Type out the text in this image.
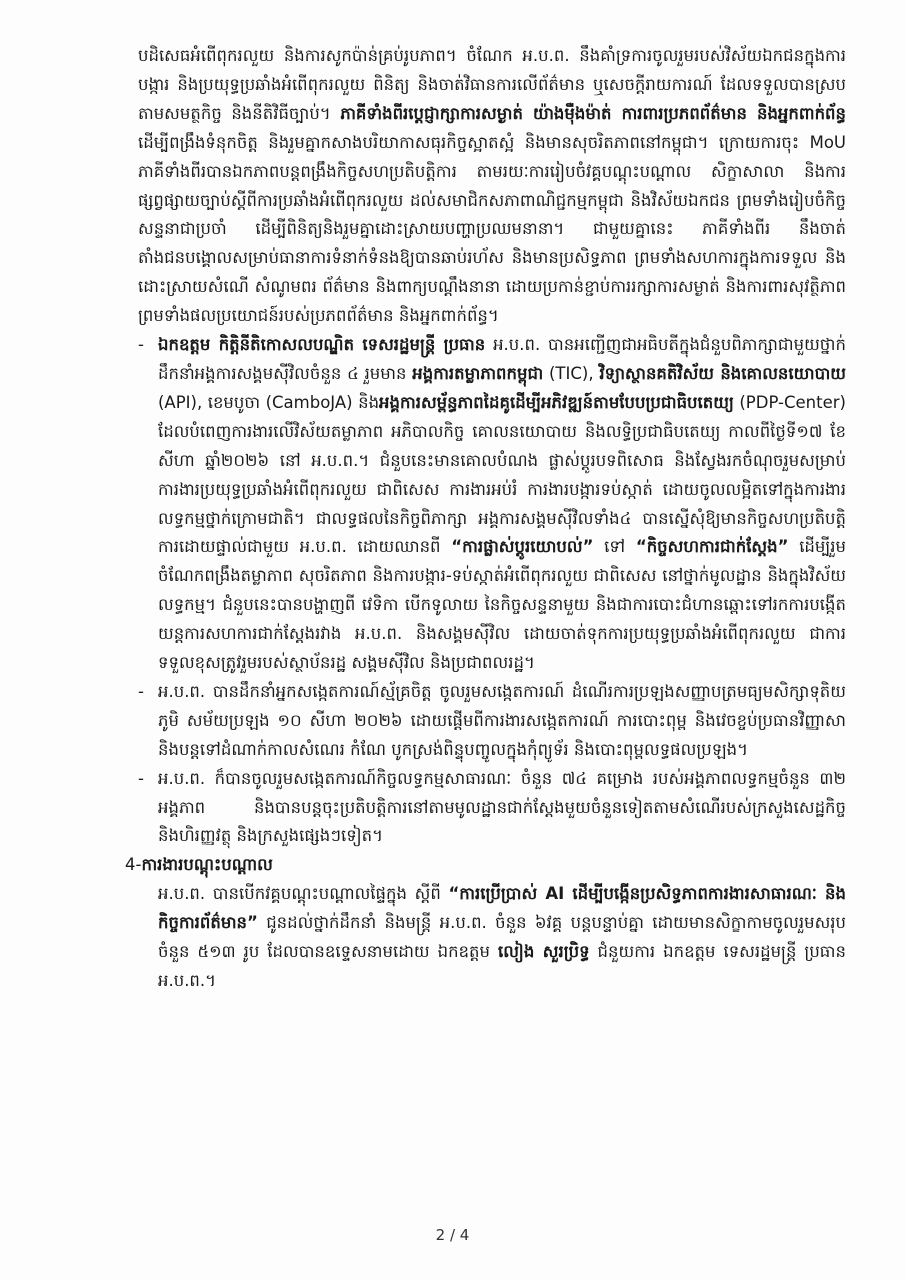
បដិសេធអំពើពុករលួយ និងការសូកប៉ាន់គ្រប់រូបភាព។ ចំណែក អ.ប.ព. នឹងគាំទ្រការចូលរួមរបស់វិស័យឯកជនក្នុងការបង្ការ និងប្រយុទ្ធប្រឆាំងអំពើពុករលួយ ពិនិត្យ និងចាត់វិធានការលើព័ត៌មាន ឬសេចក្តីរាយការណ៍ ដែលទទួលបានស្របតាមសមត្ថកិច្ច និងនីតិវិធីច្បាប់។ ភាគីទាំងពីរប្តេជ្ញាក្សាការសម្ងាត់ យ៉ាងម៉ឺងម៉ាត់ ការពារប្រភពព័ត៌មាន និងអ្នកពាក់ព័ន្ធ ដើម្បីពង្រឹងទំនុកចិត្ត និងរួមគ្នាកសាងបរិយាកាសធុរកិច្ចស្អាតស្អំ និងមានសុចរិតភាពនៅកម្ពុជា។ ក្រោយការចុះ MoU ភាគីទាំងពីរបានឯកភាពបន្តពង្រឹងកិច្ចសហប្រតិបត្តិការ តាមរយៈការរៀបចំវគ្គបណ្តុះបណ្តាល សិក្ខាសាលា និងការផ្សព្វផ្សាយច្បាប់ស្តីពីការប្រឆាំងអំពើពុករលួយ ដល់សមាជិកសភាពាណិជ្ជកម្មកម្ពុជា និងវិស័យឯកជន ព្រមទាំងរៀបចំកិច្ចសន្ទនាជាប្រចាំ ដើម្បីពិនិត្យនិងរួមគ្នាដោះស្រាយបញ្ហាប្រឈមនានា។ ជាមួយគ្នានេះ ភាគីទាំងពីរ នឹងចាត់តាំងជនបង្គោលសម្រាប់ធានាការទំនាក់ទំនងឱ្យបានឆាប់រហ័ស និងមានប្រសិទ្ធភាព ព្រមទាំងសហការក្នុងការទទួល និងដោះស្រាយសំណើ សំណូមពរ ព័ត៌មាន និងពាក្យបណ្តឹងនានា ដោយប្រកាន់ខ្ជាប់ការរក្សាការសម្ងាត់ និងការពារសុវត្ថិភាព ព្រមទាំងផលប្រយោជន៍របស់ប្រភពព័ត៌មាន និងអ្នកពាក់ព័ន្ធ។

- ឯកឧត្តម កិត្តិនីតិកោសលបណ្ឌិត ទេសរដ្ឋមន្ត្រី ប្រធាន អ.ប.ព. បានអញ្ជើញជាអធិបតីក្នុងជំនួបពិភាក្សាជាមួយថ្នាក់ដឹកនាំអង្គការសង្គមស៊ីវិលចំនួន ៤ រួមមាន អង្គការតម្លាភាពកម្ពុជា (TIC), វិទ្យាស្ថានគតិវិស័យ និងគោលនយោបាយ (API), ខេមបូចា (CamboJA) និងអង្គការសម្ព័ន្ធភាពដៃគូដើម្បីអភិវឌ្ឍន៍តាមបែបប្រជាធិបតេយ្យ (PDP-Center) ដែលបំពេញការងារលើវិស័យតម្លាភាព អភិបាលកិច្ច គោលនយោបាយ និងលទ្ធិប្រជាធិបតេយ្យ កាលពីថ្ងៃទី១៧ ខែសីហា ឆ្នាំ២០២៦ នៅ អ.ប.ព.។ ជំនួបនេះមានគោលបំណង ផ្លាស់ប្តូរបទពិសោធ និងស្វែងរកចំណុចរួមសម្រាប់ការងារប្រយុទ្ធប្រឆាំងអំពើពុករលួយ ជាពិសេស ការងារអប់រំ ការងារបង្ការទប់ស្កាត់ ដោយចូលលម្អិតទៅក្នុងការងារលទ្ធកម្មថ្នាក់ក្រោមជាតិ។ ជាលទ្ធផលនៃកិច្ចពិភាក្សា អង្គការសង្គមស៊ីវិលទាំង៤ បានស្នើសុំឱ្យមានកិច្ចសហប្រតិបត្តិការដោយផ្ទាល់ជាមួយ អ.ប.ព. ដោយឈានពី “ការផ្លាស់ប្តូរយោបល់” ទៅ “កិច្ចសហការជាក់ស្តែង” ដើម្បីរួមចំណែកពង្រឹងតម្លាភាព សុចរិតភាព និងការបង្ការ-ទប់ស្កាត់អំពើពុករលួយ ជាពិសេស នៅថ្នាក់មូលដ្ឋាន និងក្នុងវិស័យលទ្ធកម្ម។ ជំនួបនេះបានបង្ហាញពី វេទិកា បើកទូលាយ នៃកិច្ចសន្ទនាមួយ និងជាការបោះជំហានឆ្ពោះទៅរកការបង្កើតយន្តការសហការជាក់ស្តែងរវាង អ.ប.ព. និងសង្គមស៊ីវិល ដោយចាត់ទុកការប្រយុទ្ធប្រឆាំងអំពើពុករលួយ ជាការទទួលខុសត្រូវរួមរបស់ស្ថាប័នរដ្ឋ សង្គមស៊ីវិល និងប្រជាពលរដ្ឋ។

- អ.ប.ព. បានដឹកនាំអ្នកសង្កេតការណ៍ស្ម័គ្រចិត្ត ចូលរួមសង្កេតការណ៍ ដំណើរការប្រឡងសញ្ញាបត្រមធ្យមសិក្សាទុតិយភូមិ សម័យប្រឡង ១០ សីហា ២០២៦ ដោយផ្តើមពីការងារសង្កេតការណ៍ ការបោះពុម្ព និងវេចខ្ចប់ប្រធានវិញ្ញាសា និងបន្តទៅដំណាក់កាលសំណេរ កំណែ បូកស្រង់ពិន្ទុបញ្ចូលក្នុងកុំព្យូទ័រ និងបោះពុម្ពលទ្ធផលប្រឡង។

- អ.ប.ព. ក៏បានចូលរួមសង្កេតការណ៍កិច្ចលទ្ធកម្មសាធារណៈ ចំនួន ៧៤ គម្រោង របស់អង្គភាពលទ្ធកម្មចំនួន ៣២ អង្គភាព និងបានបន្តចុះប្រតិបត្តិការនៅតាមមូលដ្ឋានជាក់ស្តែងមួយចំនួនទៀតតាមសំណើរបស់ក្រសួងសេដ្ឋកិច្ច និងហិរញ្ញវត្ថុ និងក្រសួងផ្សេងៗទៀត។

4-ការងារបណ្តុះបណ្តាល

អ.ប.ព. បានបើកវគ្គបណ្តុះបណ្តាលផ្ទៃក្នុង ស្តីពី “ការប្រើប្រាស់ AI ដើម្បីបង្កើនប្រសិទ្ធភាពការងារសាធារណៈ និងកិច្ចការព័ត៌មាន” ជូនដល់ថ្នាក់ដឹកនាំ និងមន្ត្រី អ.ប.ព. ចំនួន ៦វគ្គ បន្តបន្ទាប់គ្នា ដោយមានសិក្ខាកាមចូលរួមសរុបចំនួន ៥១៣ រូប ដែលបានឧទ្ទេសនាមដោយ ឯកឧត្តម លៀង សួរប្រិទ្ធ ជំនួយការ ឯកឧត្តម ទេសរដ្ឋមន្ត្រី ប្រធាន អ.ប.ព.។

2 / 4
